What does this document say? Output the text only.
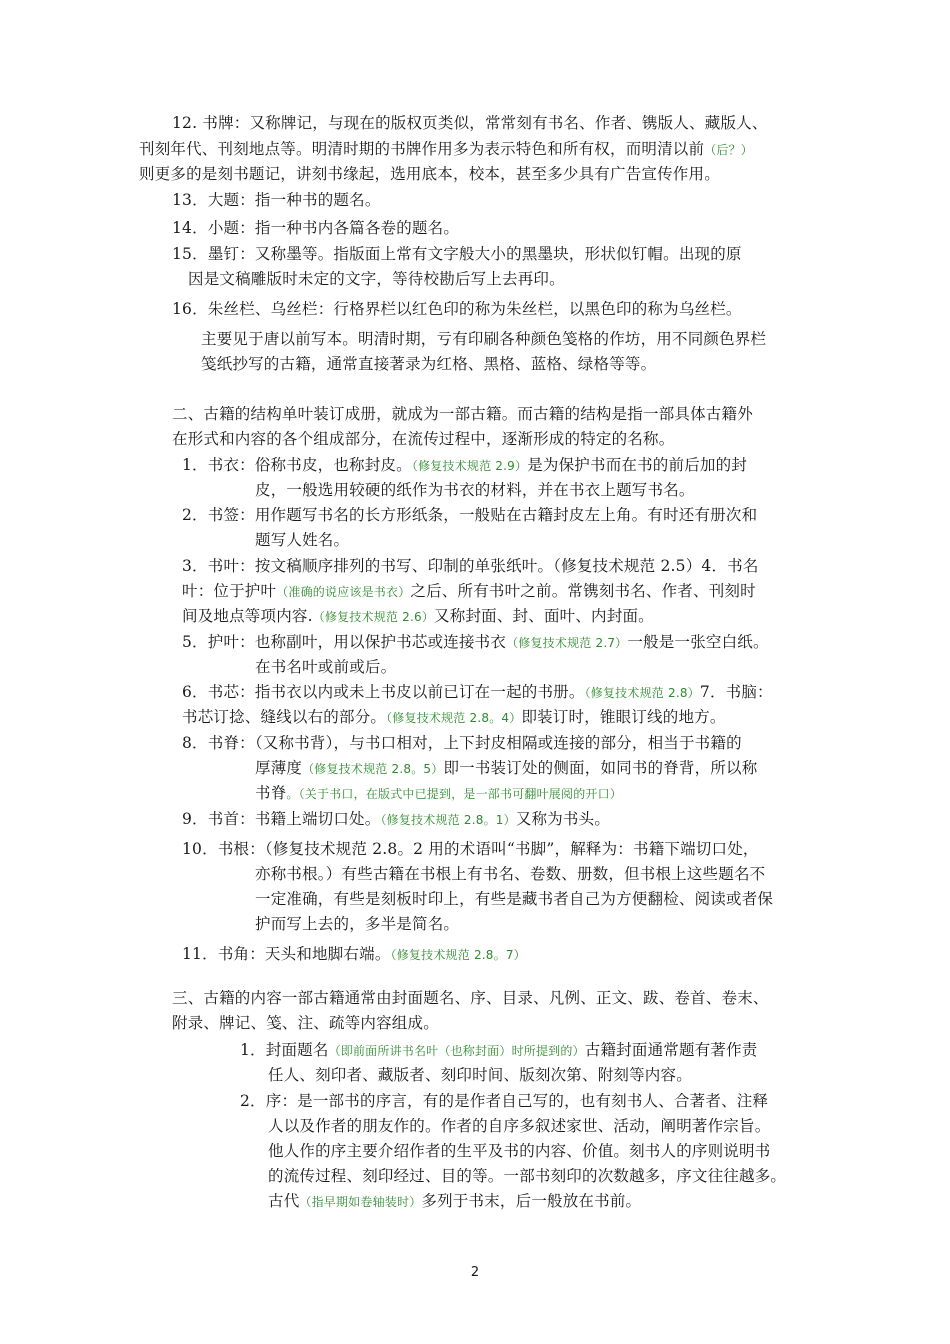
12. 书牌：又称牌记，与现在的版权页类似，常常刻有书名、作者、镌版人、藏版人、
刊刻年代、刊刻地点等。明清时期的书牌作用多为表示特色和所有权，而明清以前（后？）
则更多的是刻书题记，讲刻书缘起，选用底本，校本，甚至多少具有广告宣传作用。
13．大题：指一种书的题名。
14．小题：指一种书内各篇各卷的题名。
15．墨钉：又称墨等。指版面上常有文字般大小的黑墨块，形状似钉帽。出现的原
因是文稿雕版时未定的文字，等待校勘后写上去再印。
16．朱丝栏、乌丝栏：行格界栏以红色印的称为朱丝栏，以黑色印的称为乌丝栏。
主要见于唐以前写本。明清时期，亏有印刷各种颜色笺格的作坊，用不同颜色界栏
笺纸抄写的古籍，通常直接著录为红格、黑格、蓝格、绿格等等。
二、古籍的结构单叶装订成册，就成为一部古籍。而古籍的结构是指一部具体古籍外
在形式和内容的各个组成部分，在流传过程中，逐渐形成的特定的名称。
1．书衣：俗称书皮，也称封皮。（修复技术规范 2.9）是为保护书而在书的前后加的封
皮，一般选用较硬的纸作为书衣的材料，并在书衣上题写书名。
2．书签：用作题写书名的长方形纸条，一般贴在古籍封皮左上角。有时还有册次和
题写人姓名。
3．书叶：按文稿顺序排列的书写、印制的单张纸叶。（修复技术规范 2.5）4．书名
叶：位于护叶（准确的说应该是书衣）之后、所有书叶之前。常镌刻书名、作者、刊刻时
间及地点等项内容.（修复技术规范 2.6）又称封面、封、面叶、内封面。
5．护叶：也称副叶，用以保护书芯或连接书衣（修复技术规范 2.7）一般是一张空白纸。
在书名叶或前或后。
6．书芯：指书衣以内或未上书皮以前已订在一起的书册。（修复技术规范 2.8）7．书脑：
书芯订捻、缝线以右的部分。（修复技术规范 2.8。4）即装订时，锥眼订线的地方。
8．书脊：（又称书背），与书口相对，上下封皮相隔或连接的部分，相当于书籍的
厚薄度（修复技术规范 2.8。5）即一书装订处的侧面，如同书的脊背，所以称
书脊。（关于书口，在版式中已提到，是一部书可翻叶展阅的开口）
9．书首：书籍上端切口处。（修复技术规范 2.8。1）又称为书头。
10．书根：（修复技术规范 2.8。2 用的术语叫“书脚”，解释为：书籍下端切口处，
亦称书根。）有些古籍在书根上有书名、卷数、册数，但书根上这些题名不
一定准确，有些是刻板时印上，有些是藏书者自己为方便翻检、阅读或者保
护而写上去的，多半是简名。
11．书角：天头和地脚右端。（修复技术规范 2.8。7）
三、古籍的内容一部古籍通常由封面题名、序、目录、凡例、正文、跋、卷首、卷末、
附录、牌记、笺、注、疏等内容组成。
1．封面题名（即前面所讲书名叶（也称封面）时所提到的）古籍封面通常题有著作责
任人、刻印者、藏版者、刻印时间、版刻次第、附刻等内容。
2．序：是一部书的序言，有的是作者自己写的，也有刻书人、合著者、注释
人以及作者的朋友作的。作者的自序多叙述家世、活动，阐明著作宗旨。
他人作的序主要介绍作者的生平及书的内容、价值。刻书人的序则说明书
的流传过程、刻印经过、目的等。一部书刻印的次数越多，序文往往越多。
古代（指早期如卷轴装时）多列于书末，后一般放在书前。
2
